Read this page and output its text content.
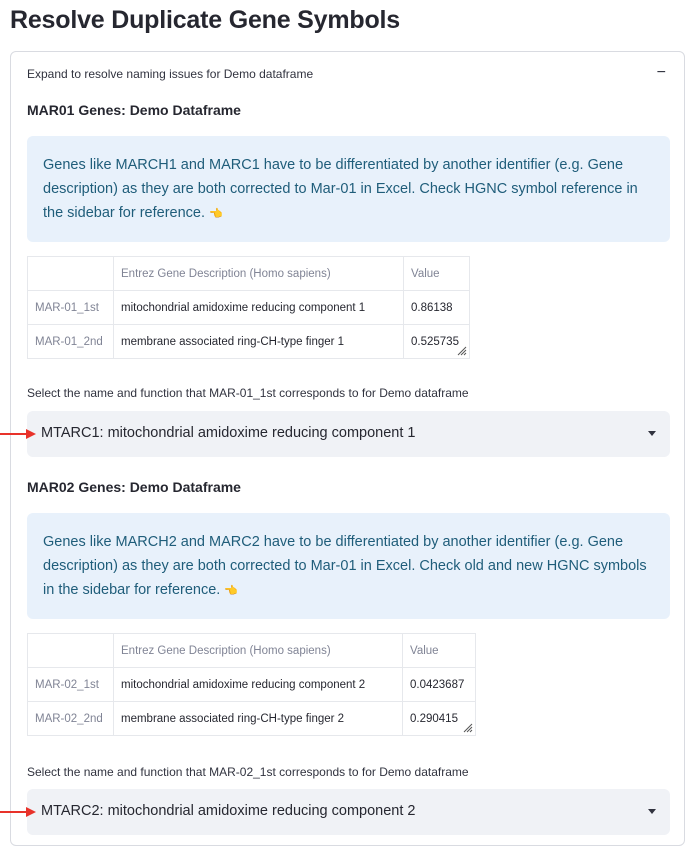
Resolve Duplicate Gene Symbols
Expand to resolve naming issues for Demo dataframe	−
MAR01 Genes: Demo Dataframe
Genes like MARCH1 and MARC1 have to be differentiated by another identifier (e.g. Gene description) as they are both corrected to Mar-01 in Excel. Check HGNC symbol reference in the sidebar for reference. 👈
	Entrez Gene Description (Homo sapiens)	Value
MAR-01_1st	mitochondrial amidoxime reducing component 1	0.86138
MAR-01_2nd	membrane associated ring-CH-type finger 1	0.525735
Select the name and function that MAR-01_1st corresponds to for Demo dataframe
MTARC1: mitochondrial amidoxime reducing component 1
MAR02 Genes: Demo Dataframe
Genes like MARCH2 and MARC2 have to be differentiated by another identifier (e.g. Gene description) as they are both corrected to Mar-01 in Excel. Check old and new HGNC symbols in the sidebar for reference. 👈
	Entrez Gene Description (Homo sapiens)	Value
MAR-02_1st	mitochondrial amidoxime reducing component 2	0.0423687
MAR-02_2nd	membrane associated ring-CH-type finger 2	0.290415
Select the name and function that MAR-02_1st corresponds to for Demo dataframe
MTARC2: mitochondrial amidoxime reducing component 2
